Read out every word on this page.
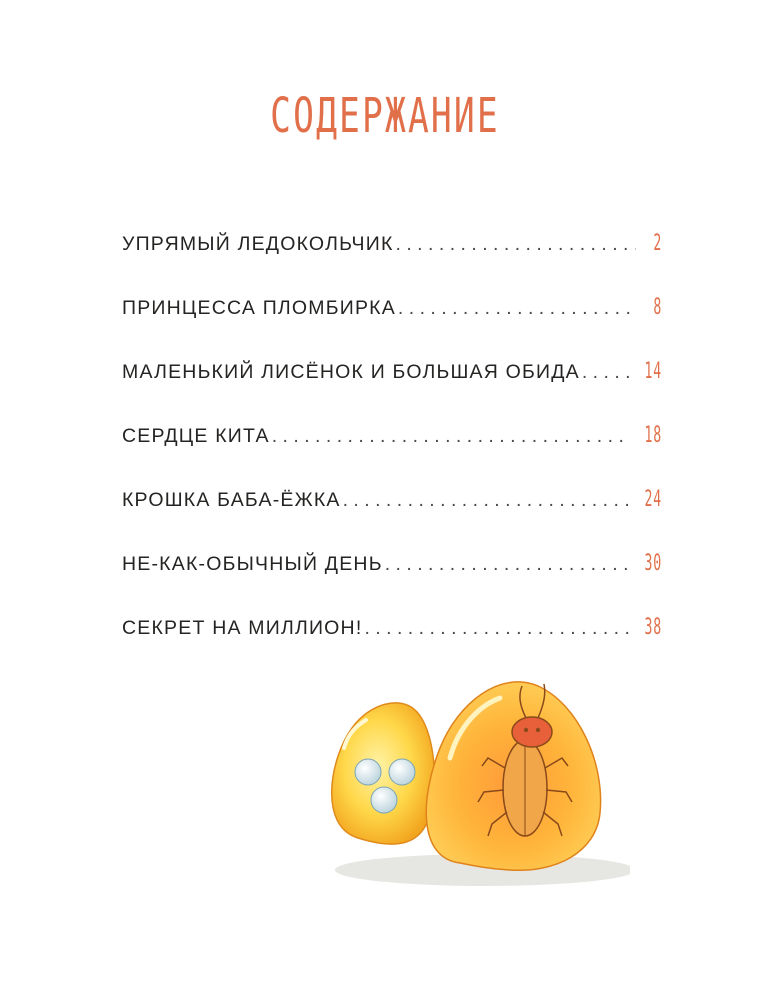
СОДЕРЖАНИЕ
УПРЯМЫЙ ЛЕДОКОЛЬЧИК . . .	2
ПРИНЦЕССА ПЛОМБИРКА . . .	8
МАЛЕНЬКИЙ ЛИСЁНОК И БОЛЬШАЯ ОБИДА . . .	14
СЕРДЦЕ КИТА . . .	18
КРОШКА БАБА-ЁЖКА . . .	24
НЕ-КАК-ОБЫЧНЫЙ ДЕНЬ . . .	30
СЕКРЕТ НА МИЛЛИОН! . . .	38
